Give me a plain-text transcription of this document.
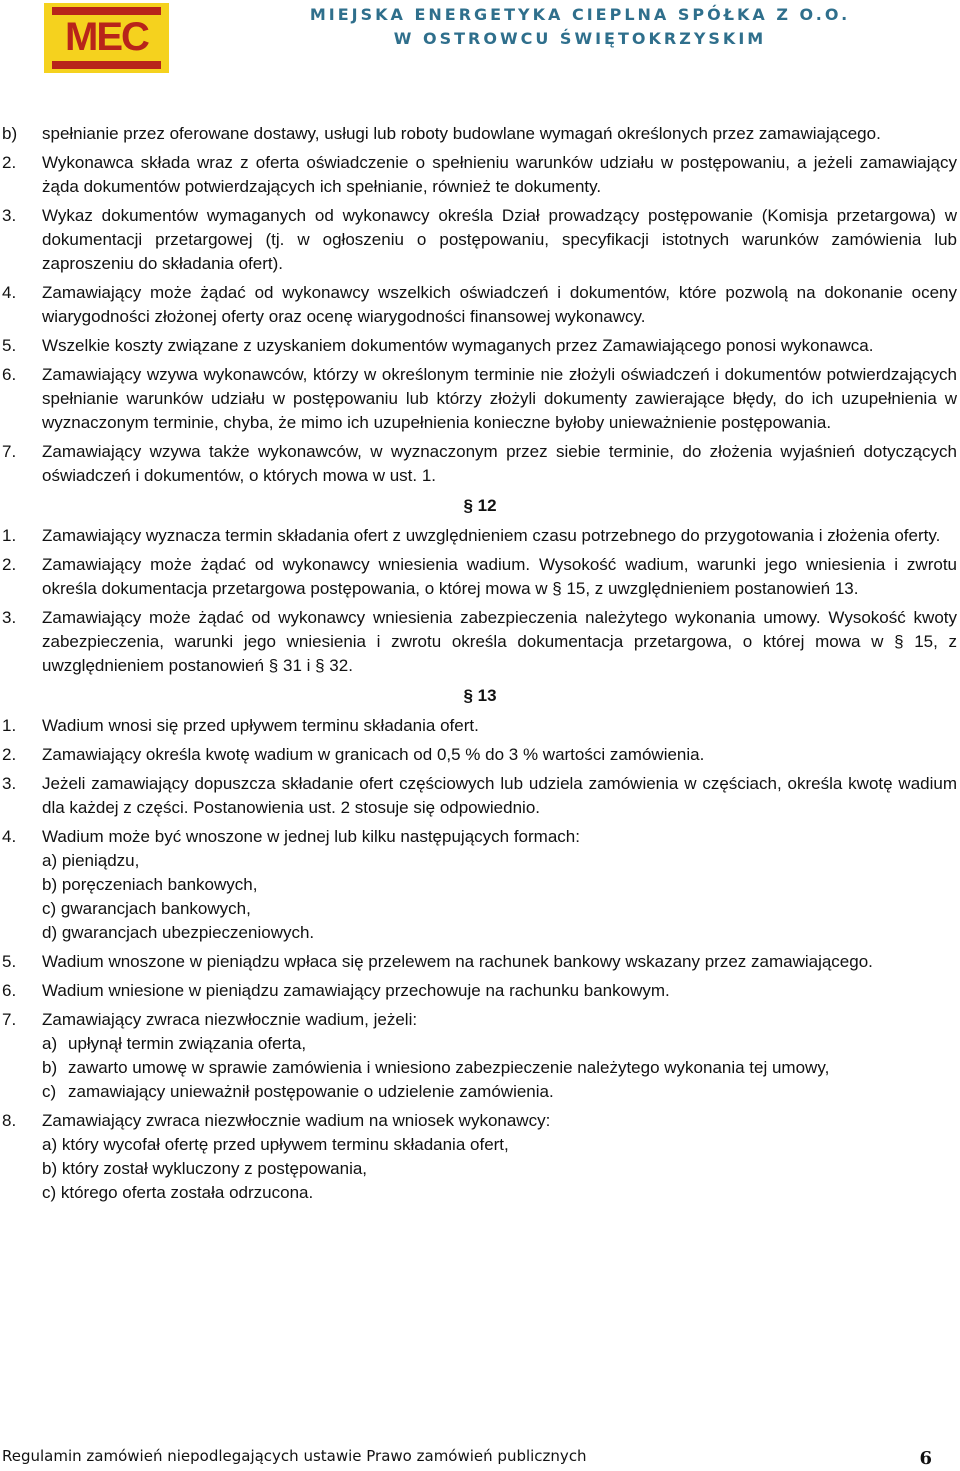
MEC
MIEJSKA ENERGETYKA CIEPLNA SPÓŁKA Z O.O.
W OSTROWCU ŚWIĘTOKRZYSKIM
b) spełnianie przez oferowane dostawy, usługi lub roboty budowlane wymagań określonych przez zamawiającego.
2. Wykonawca składa wraz z oferta oświadczenie o spełnieniu warunków udziału w postępowaniu, a jeżeli zamawiający żąda dokumentów potwierdzających ich spełnianie, również te dokumenty.
3. Wykaz dokumentów wymaganych od wykonawcy określa Dział prowadzący postępowanie (Komisja przetargowa) w dokumentacji przetargowej (tj. w ogłoszeniu o postępowaniu, specyfikacji istotnych warunków zamówienia lub zaproszeniu do składania ofert).
4. Zamawiający może żądać od wykonawcy wszelkich oświadczeń i dokumentów, które pozwolą na dokonanie oceny wiarygodności złożonej oferty oraz ocenę wiarygodności finansowej wykonawcy.
5. Wszelkie koszty związane z uzyskaniem dokumentów wymaganych przez Zamawiającego ponosi wykonawca.
6. Zamawiający wzywa wykonawców, którzy w określonym terminie nie złożyli oświadczeń i dokumentów potwierdzających spełnianie warunków udziału w postępowaniu lub którzy złożyli dokumenty zawierające błędy, do ich uzupełnienia w wyznaczonym terminie, chyba, że mimo ich uzupełnienia konieczne byłoby unieważnienie postępowania.
7. Zamawiający wzywa także wykonawców, w wyznaczonym przez siebie terminie, do złożenia wyjaśnień dotyczących oświadczeń i dokumentów, o których mowa w ust. 1.
§ 12
1. Zamawiający wyznacza termin składania ofert z uwzględnieniem czasu potrzebnego do przygotowania i złożenia oferty.
2. Zamawiający może żądać od wykonawcy wniesienia wadium. Wysokość wadium, warunki jego wniesienia i zwrotu określa dokumentacja przetargowa postępowania, o której mowa w § 15, z uwzględnieniem postanowień 13.
3. Zamawiający może żądać od wykonawcy wniesienia zabezpieczenia należytego wykonania umowy. Wysokość kwoty zabezpieczenia, warunki jego wniesienia i zwrotu określa dokumentacja przetargowa, o której mowa w § 15, z uwzględnieniem postanowień § 31 i § 32.
§ 13
1. Wadium wnosi się przed upływem terminu składania ofert.
2. Zamawiający określa kwotę wadium w granicach od 0,5 % do 3 % wartości zamówienia.
3. Jeżeli zamawiający dopuszcza składanie ofert częściowych lub udziela zamówienia w częściach, określa kwotę wadium dla każdej z części. Postanowienia ust. 2 stosuje się odpowiednio.
4. Wadium może być wnoszone w jednej lub kilku następujących formach:
a) pieniądzu,
b) poręczeniach bankowych,
c) gwarancjach bankowych,
d) gwarancjach ubezpieczeniowych.
5. Wadium wnoszone w pieniądzu wpłaca się przelewem na rachunek bankowy wskazany przez zamawiającego.
6. Wadium wniesione w pieniądzu zamawiający przechowuje na rachunku bankowym.
7. Zamawiający zwraca niezwłocznie wadium, jeżeli:
a) upłynął termin związania oferta,
b) zawarto umowę w sprawie zamówienia i wniesiono zabezpieczenie należytego wykonania tej umowy,
c) zamawiający unieważnił postępowanie o udzielenie zamówienia.
8. Zamawiający zwraca niezwłocznie wadium na wniosek wykonawcy:
a) który wycofał ofertę przed upływem terminu składania ofert,
b) który został wykluczony z postępowania,
c) którego oferta została odrzucona.
Regulamin zamówień niepodlegających ustawie Prawo zamówień publicznych	6
